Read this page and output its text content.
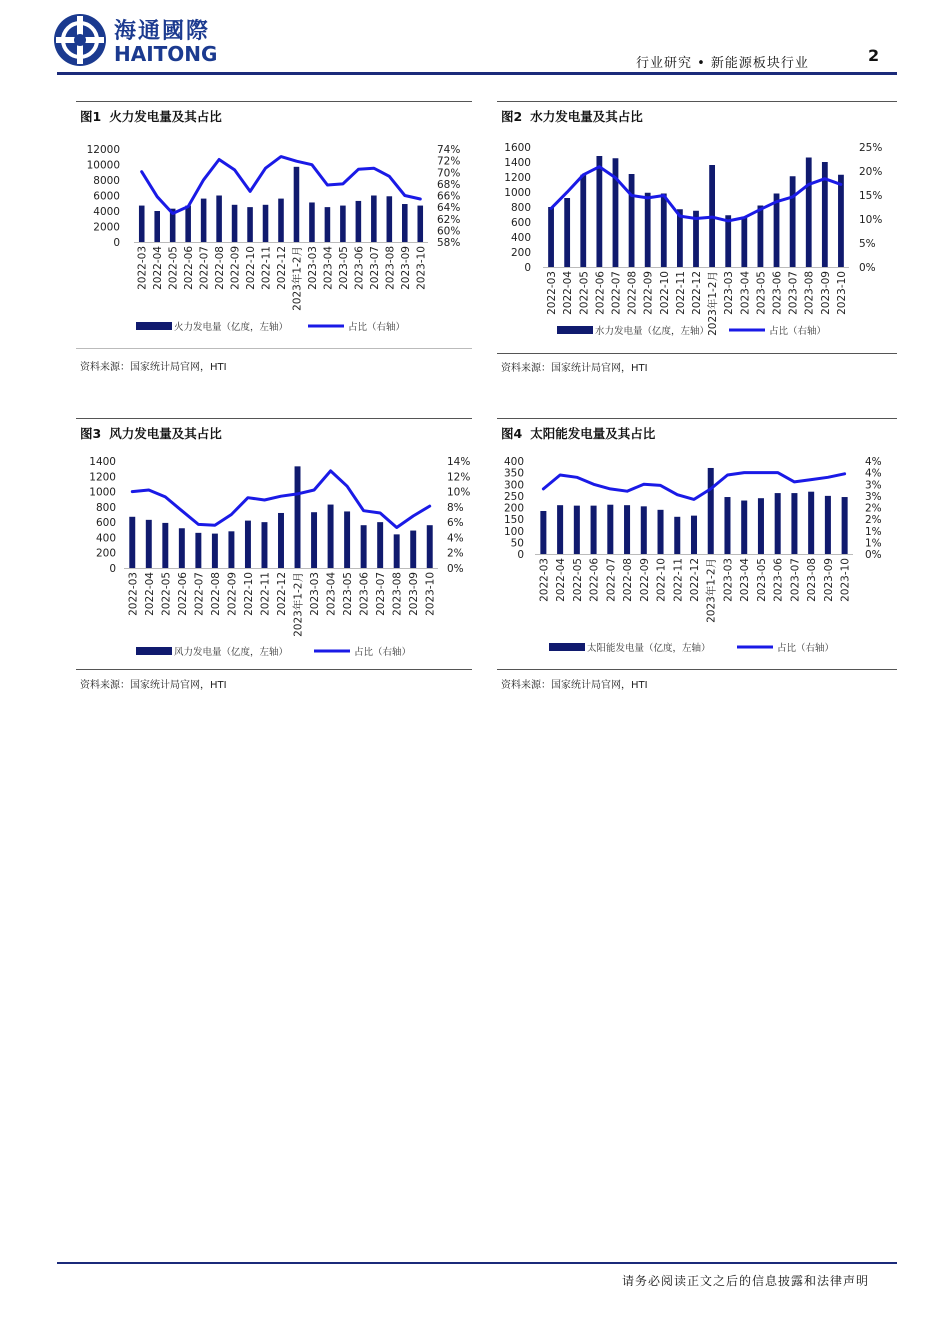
海通國際
HAITONG	行业研究 • 新能源板块行业	2
图1 火力发电量及其占比
12000
10000
8000
6000
4000
2000
0
74%
72%
70%
68%
66%
64%
62%
60%
58%
2022-03 2022-04 2022-05 2022-06 2022-07 2022-08 2022-09 2022-10 2022-11 2022-12 2023年1-2月 2023-03 2023-04 2023-05 2023-06 2023-07 2023-08 2023-09 2023-10
火力发电量（亿度，左轴）	占比（右轴）
资料来源：国家统计局官网，HTI
图2 水力发电量及其占比
1600
1400
1200
1000
800
600
400
200
0
25%
20%
15%
10%
5%
0%
2022-03 2022-04 2022-05 2022-06 2022-07 2022-08 2022-09 2022-10 2022-11 2022-12 2023年1-2月 2023-03 2023-04 2023-05 2023-06 2023-07 2023-08 2023-09 2023-10
水力发电量（亿度，左轴）	占比（右轴）
资料来源：国家统计局官网，HTI
图3 风力发电量及其占比
1400
1200
1000
800
600
400
200
0
14%
12%
10%
8%
6%
4%
2%
0%
2022-03 2022-04 2022-05 2022-06 2022-07 2022-08 2022-09 2022-10 2022-11 2022-12 2023年1-2月 2023-03 2023-04 2023-05 2023-06 2023-07 2023-08 2023-09 2023-10
风力发电量（亿度，左轴）	占比（右轴）
资料来源：国家统计局官网，HTI
图4 太阳能发电量及其占比
400
350
300
250
200
150
100
50
0
4%
4%
3%
3%
2%
2%
1%
1%
0%
2022-03 2022-04 2022-05 2022-06 2022-07 2022-08 2022-09 2022-10 2022-11 2022-12 2023年1-2月 2023-03 2023-04 2023-05 2023-06 2023-07 2023-08 2023-09 2023-10
太阳能发电量（亿度，左轴）	占比（右轴）
资料来源：国家统计局官网，HTI
请务必阅读正文之后的信息披露和法律声明
